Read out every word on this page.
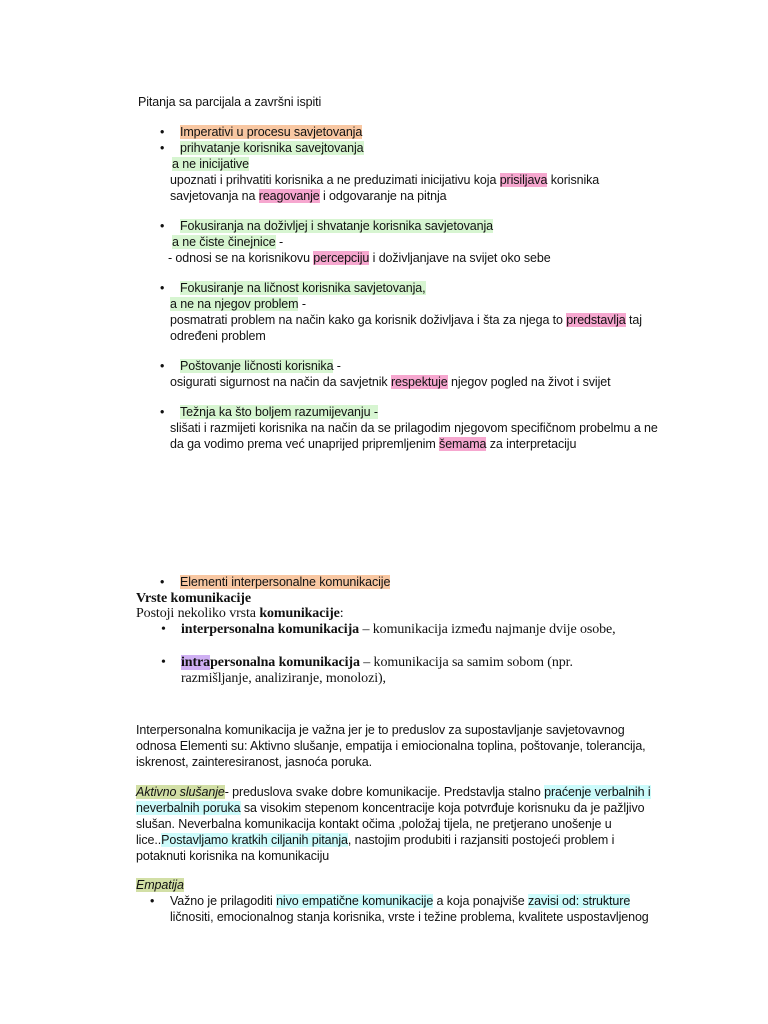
Pitanja sa parcijala a završni ispiti
• Imperativi u procesu savjetovanja
• prihvatanje korisnika savejtovanja
a ne inicijative
upoznati i prihvatiti korisnika a ne preduzimati inicijativu koja prisiljava korisnika
savjetovanja na reagovanje i odgovaranje na pitnja
• Fokusiranja na doživljej i shvatanje korisnika savjetovanja
a ne čiste činejnice -
- odnosi se na korisnikovu percepciju i doživljanjave na svijet oko sebe
• Fokusiranje na ličnost korisnika savjetovanja,
a ne na njegov problem -
posmatrati problem na način kako ga korisnik doživljava i šta za njega to predstavlja taj
određeni problem
• Poštovanje ličnosti korisnika -
osigurati sigurnost na način da savjetnik respektuje njegov pogled na život i svijet
• Težnja ka što boljem razumijevanju -
slišati i razmijeti korisnika na način da se prilagodim njegovom specifičnom probelmu a ne
da ga vodimo prema već unaprijed pripremljenim šemama za interpretaciju
• Elementi interpersonalne komunikacije
Vrste komunikacije
Postoji nekoliko vrsta komunikacije:
• interpersonalna komunikacija – komunikacija između najmanje dvije osobe,
• intrapersonalna komunikacija – komunikacija sa samim sobom (npr.
razmišljanje, analiziranje, monolozi),
Interpersonalna komunikacija je važna jer je to preduslov za supostavljanje savjetovavnog
odnosa Elementi su: Aktivno slušanje, empatija i emiocionalna toplina, poštovanje, tolerancija,
iskrenost, zainteresiranost, jasnoća poruka.
Aktivno slušanje- preduslova svake dobre komunikacije. Predstavlja stalno praćenje verbalnih i
neverbalnih poruka sa visokim stepenom koncentracije koja potvrđuje korisnuku da je pažljivo
slušan. Neverbalna komunikacija kontakt očima ,položaj tijela, ne pretjerano unošenje u
lice..Postavljamo kratkih ciljanih pitanja, nastojim produbiti i razjansiti postojeći problem i
potaknuti korisnika na komunikaciju
Empatija
• Važno je prilagoditi nivo empatične komunikacije a koja ponajviše zavisi od: strukture
ličnositi, emocionalnog stanja korisnika, vrste i težine problema, kvalitete uspostavljenog
